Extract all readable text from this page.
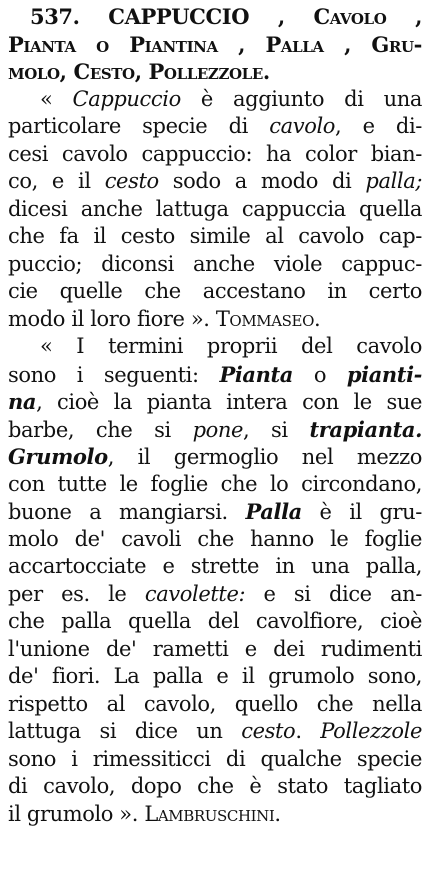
537. CAPPUCCIO , Cavolo ,
Pianta o Piantina , Palla , Gru-
molo, Cesto, Pollezzole.
« Cappuccio è aggiunto di una
particolare specie di cavolo, e di-
cesi cavolo cappuccio: ha color bian-
co, e il cesto sodo a modo di palla;
dicesi anche lattuga cappuccia quella
che fa il cesto simile al cavolo cap-
puccio; diconsi anche viole cappuc-
cie quelle che accestano in certo
modo il loro fiore ». Tommaseo.
« I termini proprii del cavolo
sono i seguenti: Pianta o pianti-
na, cioè la pianta intera con le sue
barbe, che si pone, si trapianta.
Grumolo, il germoglio nel mezzo
con tutte le foglie che lo circondano,
buone a mangiarsi. Palla è il gru-
molo de' cavoli che hanno le foglie
accartocciate e strette in una palla,
per es. le cavolette: e si dice an-
che palla quella del cavolfiore, cioè
l'unione de' rametti e dei rudimenti
de' fiori. La palla e il grumolo sono,
rispetto al cavolo, quello che nella
lattuga si dice un cesto. Pollezzole
sono i rimessiticci di qualche specie
di cavolo, dopo che è stato tagliato
il grumolo ». Lambruschini.
